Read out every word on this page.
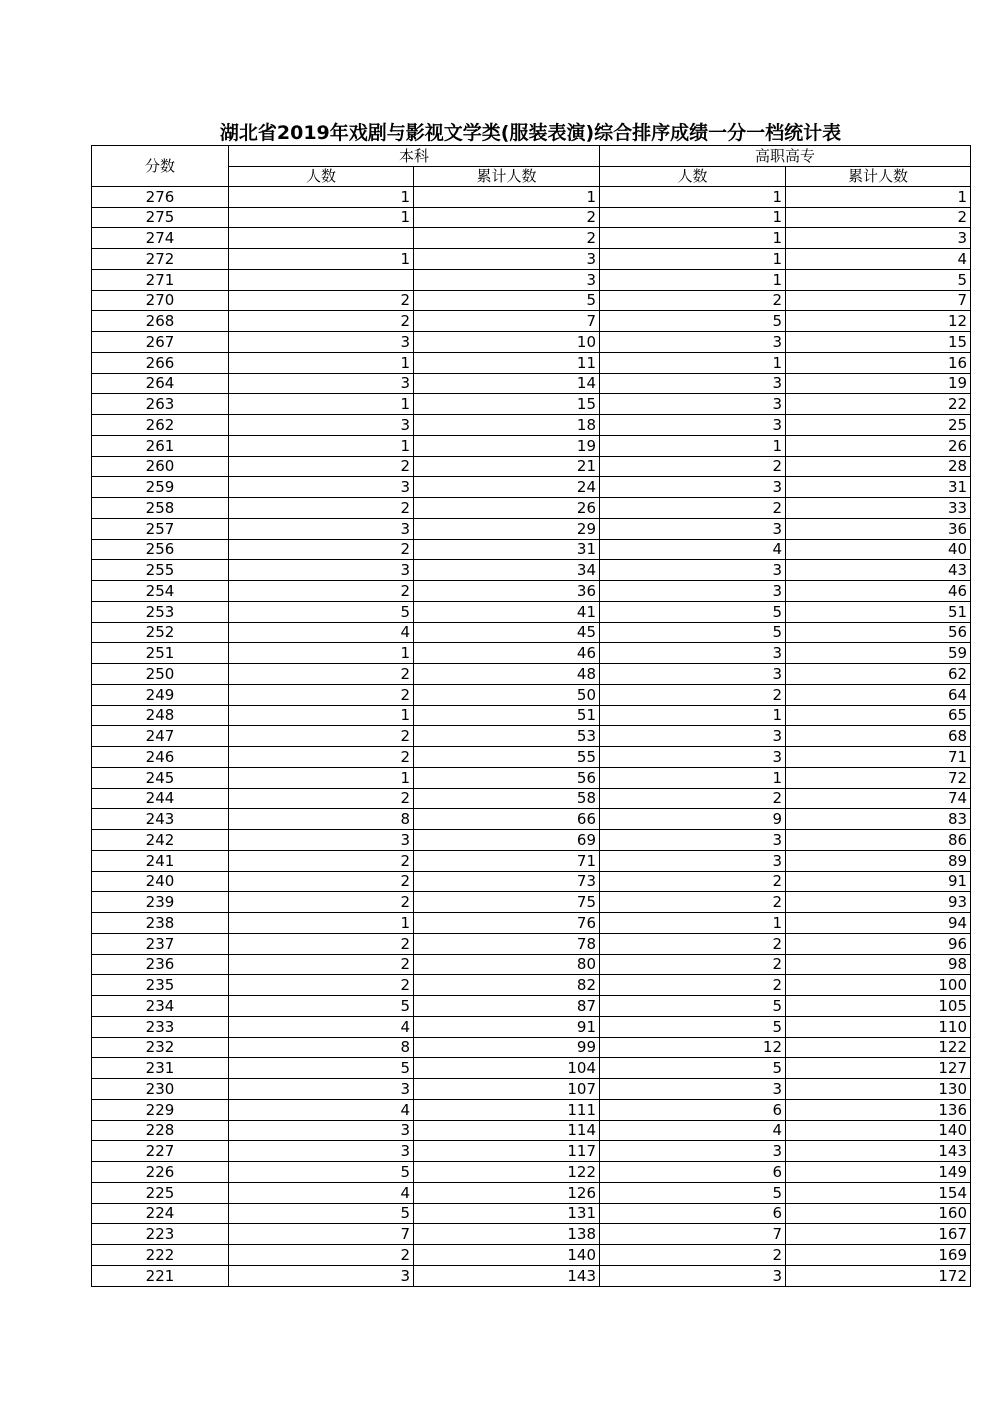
湖北省2019年戏剧与影视文学类(服装表演)综合排序成绩一分一档统计表
分数	本科		高职高专	
	人数	累计人数	人数	累计人数
276	1	1	1	1
275	1	2	1	2
274		2	1	3
272	1	3	1	4
271		3	1	5
270	2	5	2	7
268	2	7	5	12
267	3	10	3	15
266	1	11	1	16
264	3	14	3	19
263	1	15	3	22
262	3	18	3	25
261	1	19	1	26
260	2	21	2	28
259	3	24	3	31
258	2	26	2	33
257	3	29	3	36
256	2	31	4	40
255	3	34	3	43
254	2	36	3	46
253	5	41	5	51
252	4	45	5	56
251	1	46	3	59
250	2	48	3	62
249	2	50	2	64
248	1	51	1	65
247	2	53	3	68
246	2	55	3	71
245	1	56	1	72
244	2	58	2	74
243	8	66	9	83
242	3	69	3	86
241	2	71	3	89
240	2	73	2	91
239	2	75	2	93
238	1	76	1	94
237	2	78	2	96
236	2	80	2	98
235	2	82	2	100
234	5	87	5	105
233	4	91	5	110
232	8	99	12	122
231	5	104	5	127
230	3	107	3	130
229	4	111	6	136
228	3	114	4	140
227	3	117	3	143
226	5	122	6	149
225	4	126	5	154
224	5	131	6	160
223	7	138	7	167
222	2	140	2	169
221	3	143	3	172
